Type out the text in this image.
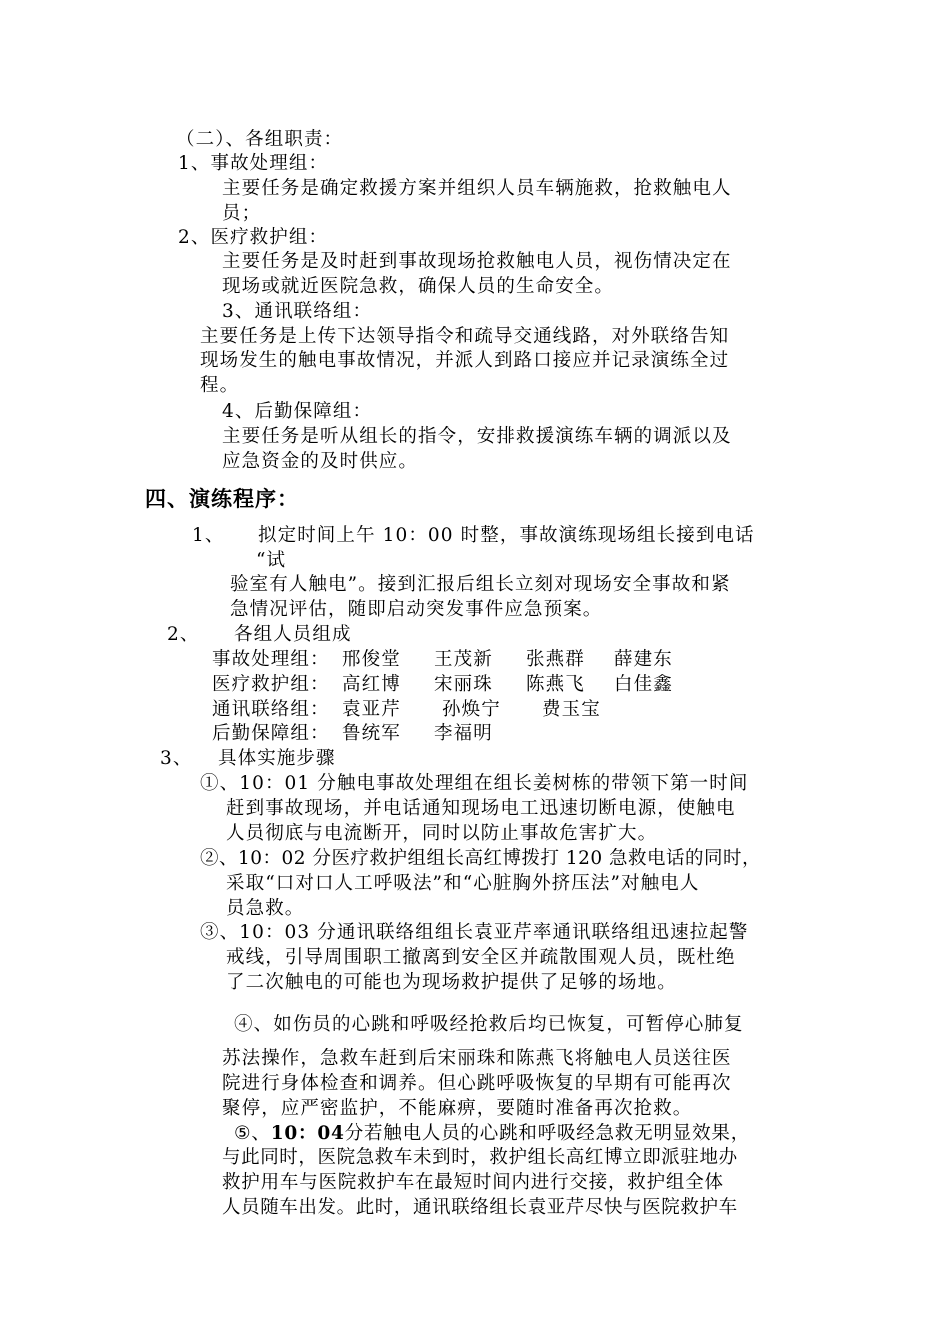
（二）、各组职责：
1、事故处理组：
主要任务是确定救援方案并组织人员车辆施救，抢救触电人
员；
2、医疗救护组：
主要任务是及时赶到事故现场抢救触电人员，视伤情决定在
现场或就近医院急救，确保人员的生命安全。
3、通讯联络组：
主要任务是上传下达领导指令和疏导交通线路，对外联络告知
现场发生的触电事故情况，并派人到路口接应并记录演练全过
程。
4、后勤保障组：
主要任务是听从组长的指令，安排救援演练车辆的调派以及
应急资金的及时供应。
四、演练程序：
1、 拟定时间上午 10：00 时整，事故演练现场组长接到电话
“试
验室有人触电”。接到汇报后组长立刻对现场安全事故和紧
急情况评估，随即启动突发事件应急预案。
2、 各组人员组成
事故处理组： 邢俊堂 王茂新 张燕群 薛建东
医疗救护组： 高红博 宋丽珠 陈燕飞 白佳鑫
通讯联络组： 袁亚芹 孙焕宁 费玉宝
后勤保障组： 鲁统军 李福明
3、 具体实施步骤
①、10：01 分触电事故处理组在组长姜树栋的带领下第一时间
赶到事故现场，并电话通知现场电工迅速切断电源，使触电
人员彻底与电流断开，同时以防止事故危害扩大。
②、10：02 分医疗救护组组长高红博拨打 120 急救电话的同时，
采取“口对口人工呼吸法”和“心脏胸外挤压法”对触电人
员急救。
③、10：03 分通讯联络组组长袁亚芹率通讯联络组迅速拉起警
戒线，引导周围职工撤离到安全区并疏散围观人员，既杜绝
了二次触电的可能也为现场救护提供了足够的场地。
④、如伤员的心跳和呼吸经抢救后均已恢复，可暂停心肺复
苏法操作，急救车赶到后宋丽珠和陈燕飞将触电人员送往医
院进行身体检查和调养。但心跳呼吸恢复的早期有可能再次
聚停，应严密监护，不能麻痹，要随时准备再次抢救。
⑤、10：04分若触电人员的心跳和呼吸经急救无明显效果，
与此同时，医院急救车未到时，救护组长高红博立即派驻地办
救护用车与医院救护车在最短时间内进行交接，救护组全体
人员随车出发。此时，通讯联络组长袁亚芹尽快与医院救护车
